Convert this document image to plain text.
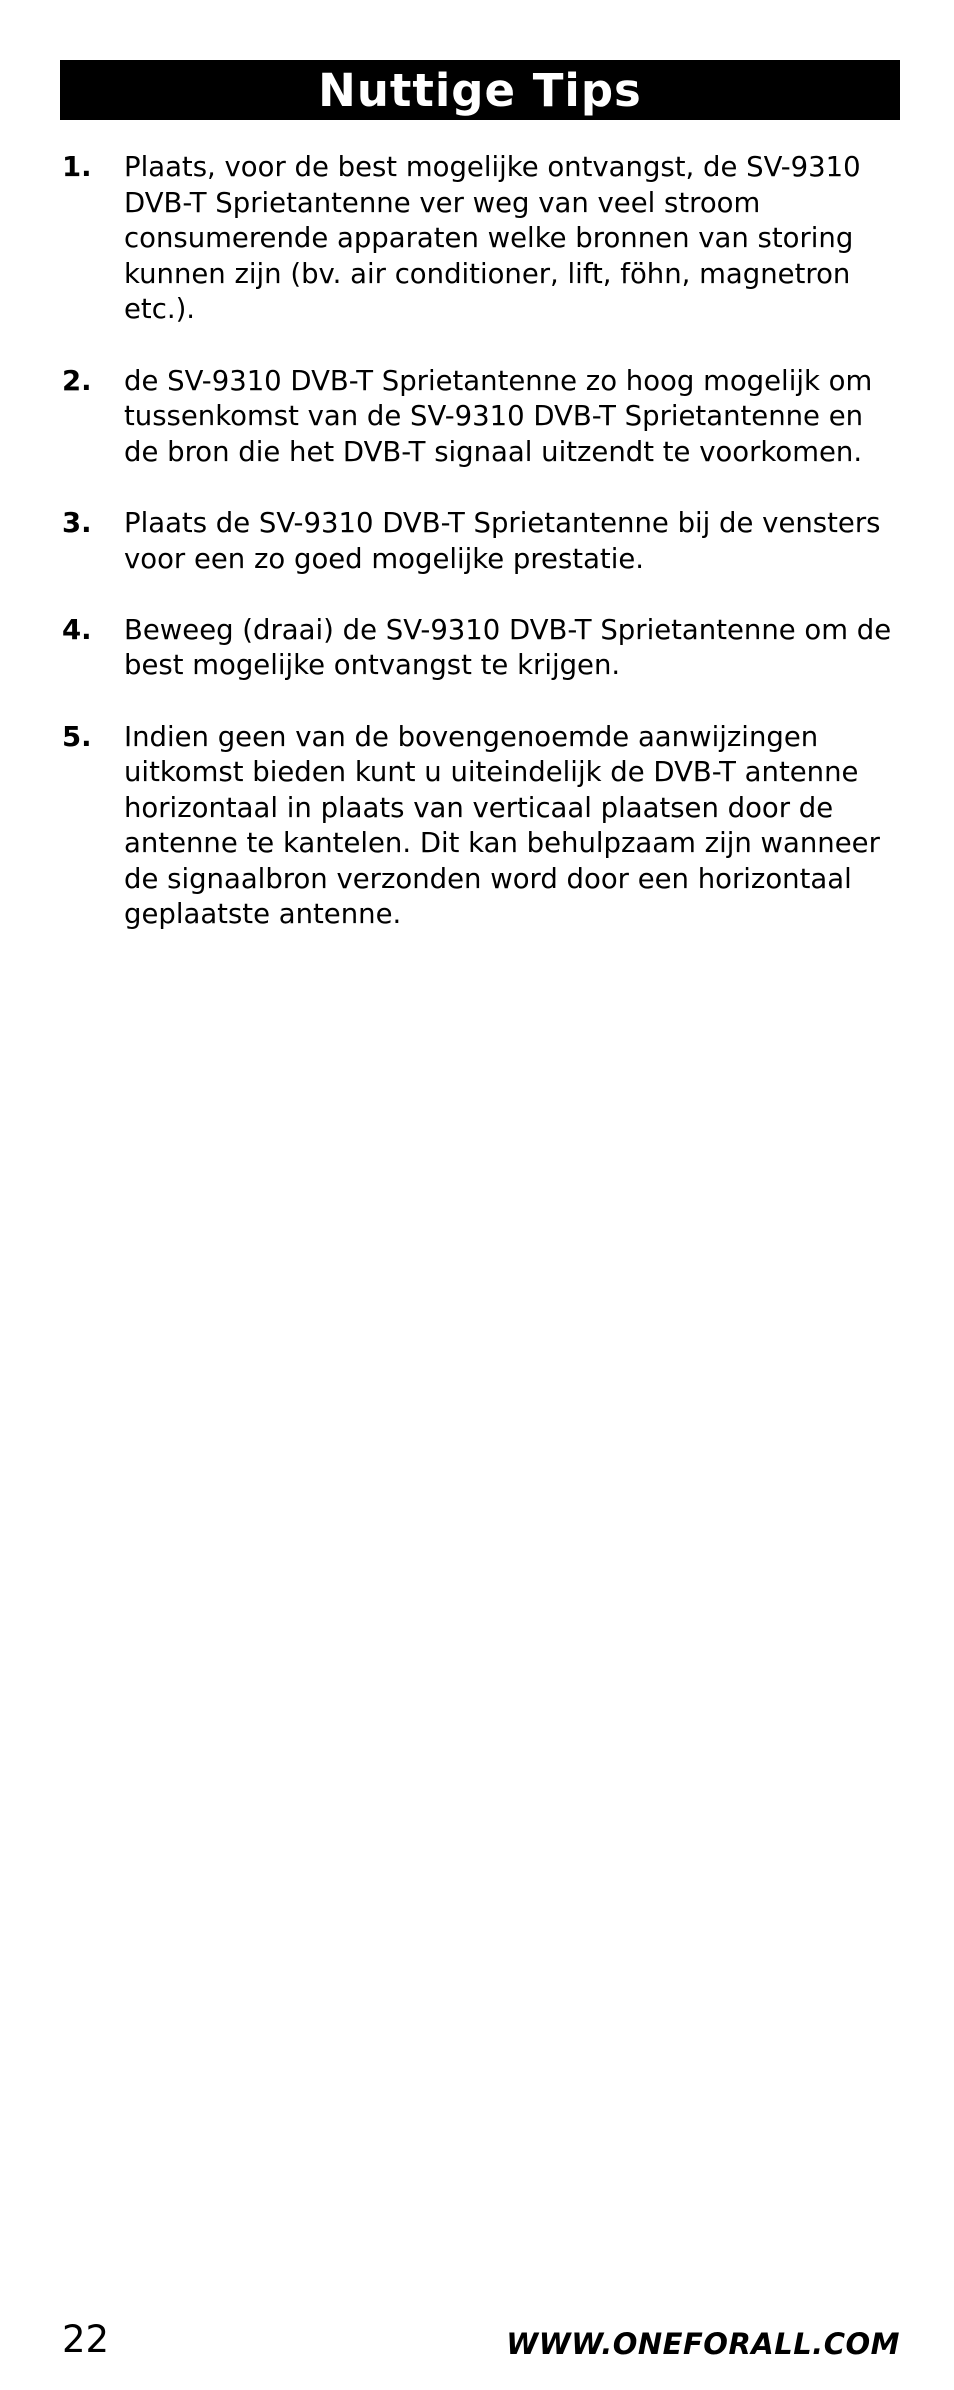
Nuttige Tips
1. Plaats, voor de best mogelijke ontvangst, de SV-9310
DVB-T Sprietantenne ver weg van veel stroom
consumerende apparaten welke bronnen van storing
kunnen zijn (bv. air conditioner, lift, föhn, magnetron
etc.).
2. de SV-9310 DVB-T Sprietantenne zo hoog mogelijk om
tussenkomst van de SV-9310 DVB-T Sprietantenne en
de bron die het DVB-T signaal uitzendt te voorkomen.
3. Plaats de SV-9310 DVB-T Sprietantenne bij de vensters
voor een zo goed mogelijke prestatie.
4. Beweeg (draai) de SV-9310 DVB-T Sprietantenne om de
best mogelijke ontvangst te krijgen.
5. Indien geen van de bovengenoemde aanwijzingen
uitkomst bieden kunt u uiteindelijk de DVB-T antenne
horizontaal in plaats van verticaal plaatsen door de
antenne te kantelen. Dit kan behulpzaam zijn wanneer
de signaalbron verzonden word door een horizontaal
geplaatste antenne.
22	WWW.ONEFORALL.COM
